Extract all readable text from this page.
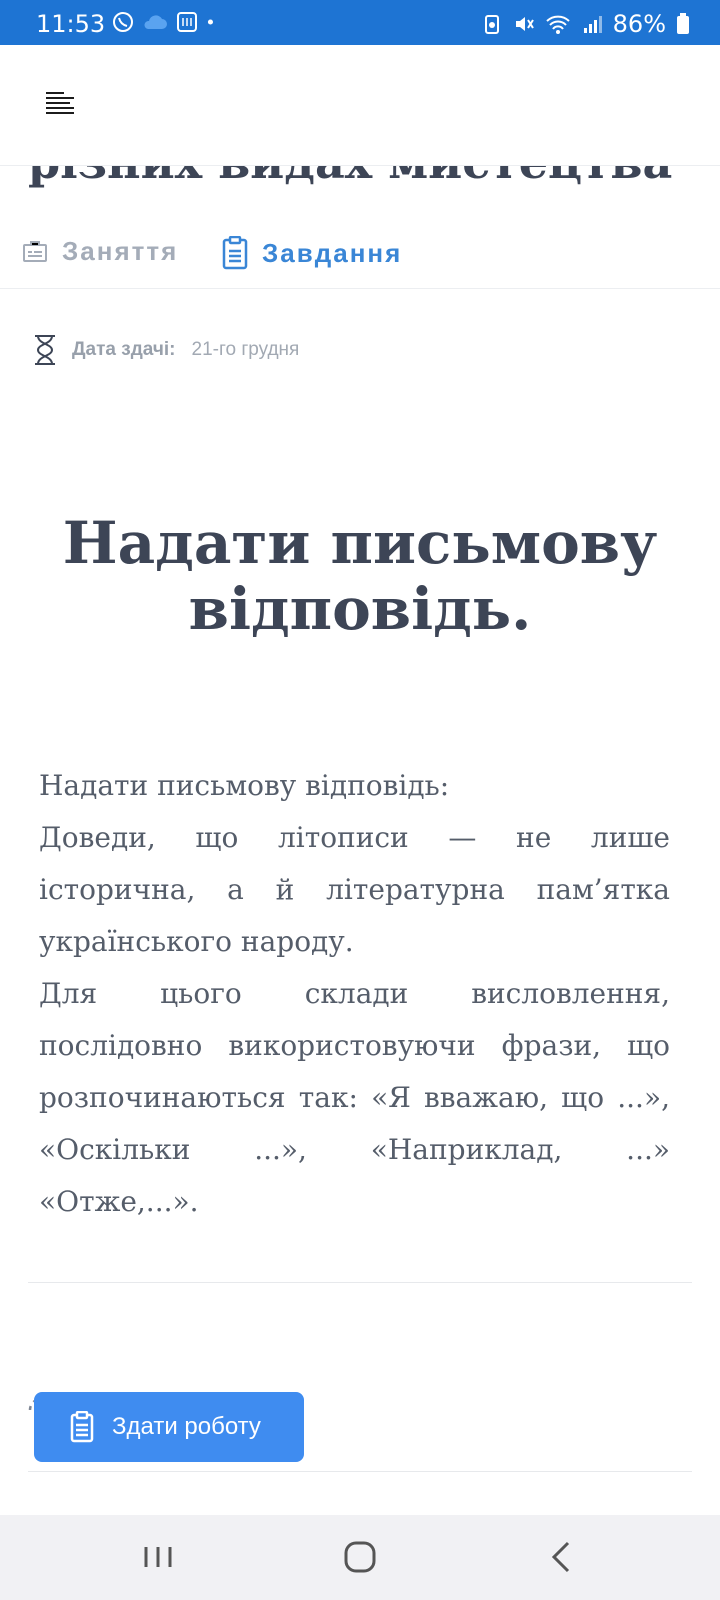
11:53	86%
Заняття	Завдання
Дата здачі: 21-го грудня
Надати письмову відповідь.

Надати письмову відповідь:

Доведи, що літописи — не лише історична, а й літературна пам’ятка українського народу.

Для цього склади висловлення, послідовно використовуючи фрази, що розпочинаються так: «Я вважаю, що ...», «Оскільки ...», «Наприклад, ...» «Отже,...».

Здати роботу
